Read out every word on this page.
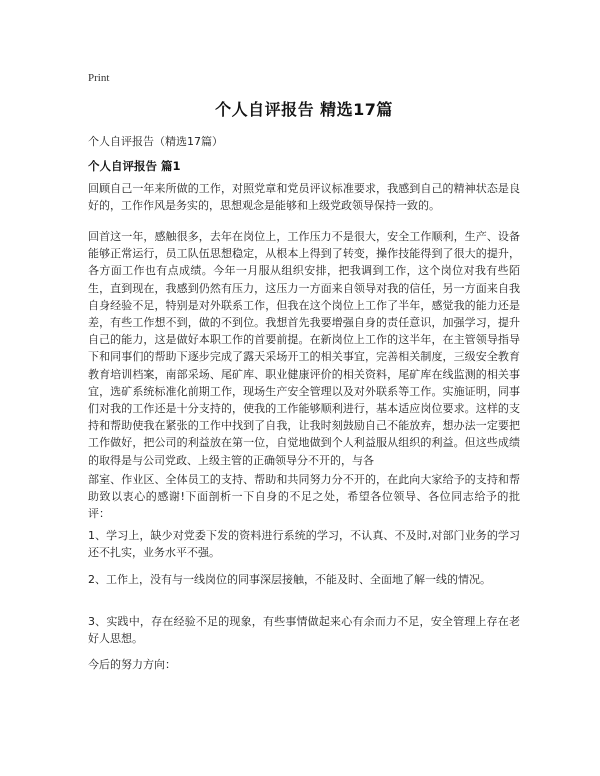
Print
个人自评报告 精选17篇
个人自评报告（精选17篇）
个人自评报告 篇1

回顾自己一年来所做的工作，对照党章和党员评议标准要求，我感到自己的精神状态是良好的，工作作风是务实的，思想观念是能够和上级党政领导保持一致的。

回首这一年，感触很多，去年在岗位上，工作压力不是很大，安全工作顺利，生产、设备能够正常运行，员工队伍思想稳定，从根本上得到了转变，操作技能得到了很大的提升，各方面工作也有点成绩。今年一月服从组织安排，把我调到工作，这个岗位对我有些陌生，直到现在，我感到仍然有压力，这压力一方面来自领导对我的信任，另一方面来自我自身经验不足，特别是对外联系工作，但我在这个岗位上工作了半年，感觉我的能力还是差，有些工作想不到，做的不到位。我想首先我要增强自身的责任意识，加强学习，提升自己的能力，这是做好本职工作的首要前提。在新岗位上工作的这半年，在主管领导指导下和同事们的帮助下逐步完成了露天采场开工的相关事宜，完善相关制度，三级安全教育教育培训档案，南部采场、尾矿库、职业健康评价的相关资料，尾矿库在线监测的相关事宜，选矿系统标准化前期工作，现场生产安全管理以及对外联系等工作。实施证明，同事们对我的工作还是十分支持的，使我的工作能够顺利进行，基本适应岗位要求。这样的支持和帮助使我在紧张的工作中找到了自我，让我时刻鼓励自己不能放弃，想办法一定要把工作做好，把公司的利益放在第一位，自觉地做到个人利益服从组织的利益。但这些成绩的取得是与公司党政、上级主管的正确领导分不开的，与各

部室、作业区、全体员工的支持、帮助和共同努力分不开的，在此向大家给予的支持和帮助致以衷心的感谢!下面剖析一下自身的不足之处，希望各位领导、各位同志给予的批评：

1、学习上，缺少对党委下发的资料进行系统的学习，不认真、不及时,对部门业务的学习还不扎实，业务水平不强。

2、工作上，没有与一线岗位的同事深层接触，不能及时、全面地了解一线的情况。

3、实践中，存在经验不足的现象，有些事情做起来心有余而力不足，安全管理上存在老好人思想。

今后的努力方向：
